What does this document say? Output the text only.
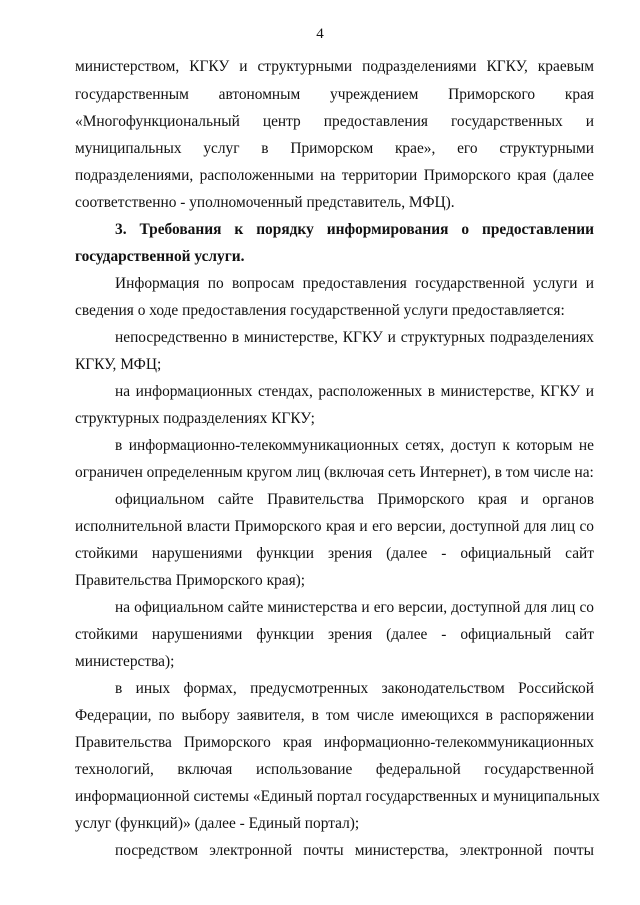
4
министерством, КГКУ и структурными подразделениями КГКУ, краевым
государственным автономным учреждением Приморского края
«Многофункциональный центр предоставления государственных и
муниципальных услуг в Приморском крае», его структурными
подразделениями, расположенными на территории Приморского края (далее
соответственно - уполномоченный представитель, МФЦ).
3. Требования к порядку информирования о предоставлении
государственной услуги.
Информация по вопросам предоставления государственной услуги и
сведения о ходе предоставления государственной услуги предоставляется:
непосредственно в министерстве, КГКУ и структурных подразделениях
КГКУ, МФЦ;
на информационных стендах, расположенных в министерстве, КГКУ и
структурных подразделениях КГКУ;
в информационно-телекоммуникационных сетях, доступ к которым не
ограничен определенным кругом лиц (включая сеть Интернет), в том числе на:
официальном сайте Правительства Приморского края и органов
исполнительной власти Приморского края и его версии, доступной для лиц со
стойкими нарушениями функции зрения (далее - официальный сайт
Правительства Приморского края);
на официальном сайте министерства и его версии, доступной для лиц со
стойкими нарушениями функции зрения (далее - официальный сайт
министерства);
в иных формах, предусмотренных законодательством Российской
Федерации, по выбору заявителя, в том числе имеющихся в распоряжении
Правительства Приморского края информационно-телекоммуникационных
технологий, включая использование федеральной государственной
информационной системы «Единый портал государственных и муниципальных
услуг (функций)» (далее - Единый портал);
посредством электронной почты министерства, электронной почты
